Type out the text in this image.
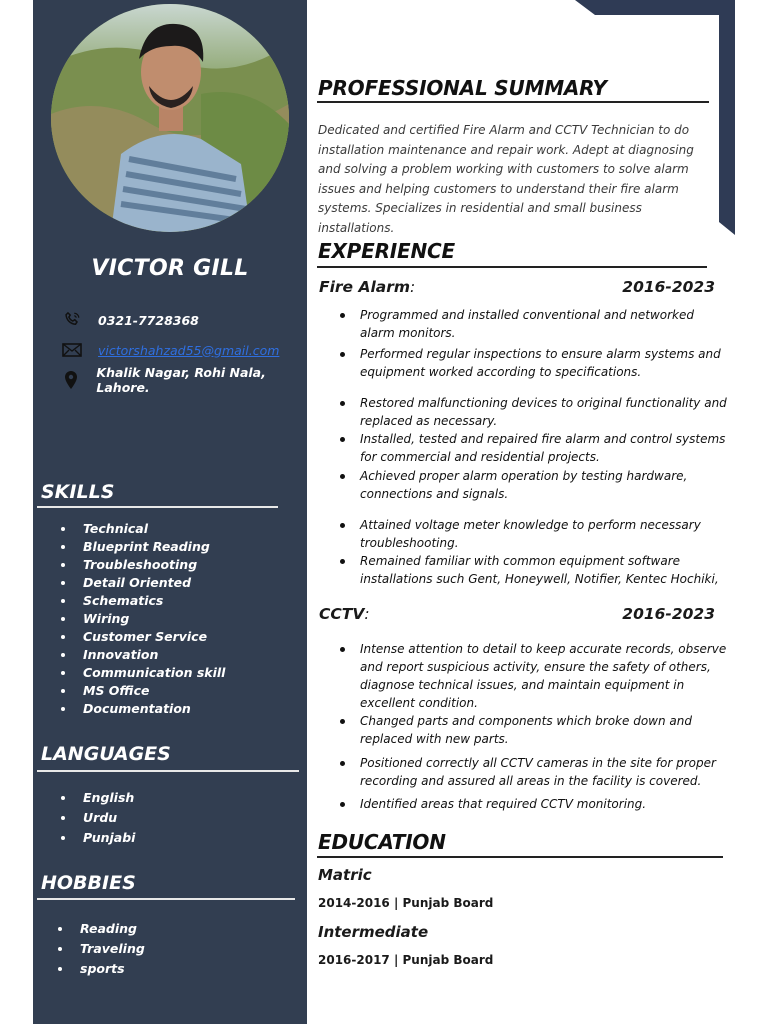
VICTOR GILL
0321-7728368
victorshahzad55@gmail.com
Khalik Nagar, Rohi Nala, Lahore.
SKILLS
Technical
Blueprint Reading
Troubleshooting
Detail Oriented
Schematics
Wiring
Customer Service
Innovation
Communication skill
MS Office
Documentation
LANGUAGES
English
Urdu
Punjabi
HOBBIES
Reading
Traveling
sports
PROFESSIONAL SUMMARY
Dedicated and certified Fire Alarm and CCTV Technician to do installation maintenance and repair work. Adept at diagnosing and solving a problem working with customers to solve alarm issues and helping customers to understand their fire alarm systems. Specializes in residential and small business installations.
EXPERIENCE
Fire Alarm:	2016-2023
Programmed and installed conventional and networked alarm monitors.
Performed regular inspections to ensure alarm systems and equipment worked according to specifications.
Restored malfunctioning devices to original functionality and replaced as necessary.
Installed, tested and repaired fire alarm and control systems for commercial and residential projects.
Achieved proper alarm operation by testing hardware, connections and signals.
Attained voltage meter knowledge to perform necessary troubleshooting.
Remained familiar with common equipment software installations such Gent, Honeywell, Notifier, Kentec Hochiki,
CCTV:	2016-2023
Intense attention to detail to keep accurate records, observe and report suspicious activity, ensure the safety of others, diagnose technical issues, and maintain equipment in excellent condition.
Changed parts and components which broke down and replaced with new parts.
Positioned correctly all CCTV cameras in the site for proper recording and assured all areas in the facility is covered.
Identified areas that required CCTV monitoring.
EDUCATION
Matric
2014-2016 | Punjab Board
Intermediate
2016-2017 | Punjab Board
